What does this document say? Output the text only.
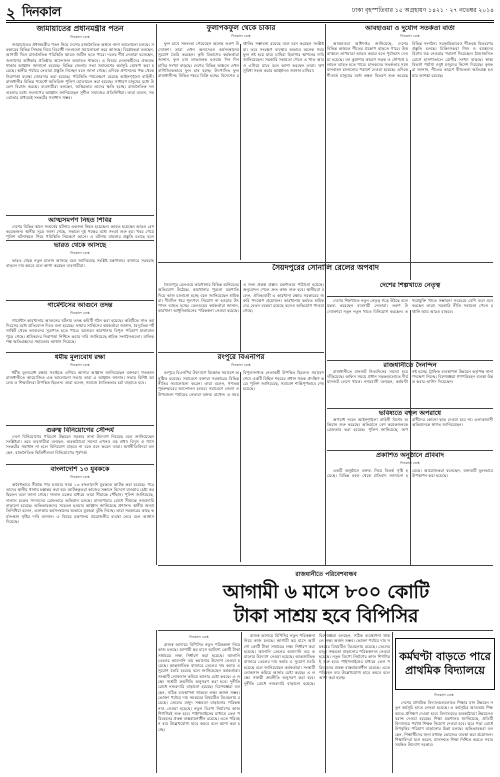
২ দিনকাল	ঢাকা বৃহস্পতিবার ১৫ অগ্রহায়ণ ১৪২১ · ২৭ নভেম্বর ২০১৪
জামায়াতের প্রধানমন্ত্রীর পতন
দিনকাল ডেস্ক

জামায়াতের প্রধানমন্ত্রীর পতন নিয়ে দেশের রাজনৈতিক অঙ্গনে নানা আলোচনা চলছে। সরকারের বিভিন্ন সিদ্ধান্ত নিয়ে বিরোধী দলগুলো সমালোচনা করে আসছে। বিশ্লেষকরা বলছেন, আগামী দিনে রাজনৈতিক পরিস্থিতি আরও জটিল হতে পারে। দলের শীর্ষ নেতারা বলেছেন, জনগণের অধিকার প্রতিষ্ঠার আন্দোলন অব্যাহত থাকবে। এ বিষয়ে নেতাকর্মীদের ঐক্যবদ্ধ থাকার আহ্বান জানানো হয়েছে। বিভিন্ন জেলায় সভা সমাবেশের কর্মসূচি ঘোষণা করা হয়েছে। স্থানীয় পর্যায়ে নেতারা প্রস্তুতি নিচ্ছেন বলে জানা গেছে। এদিকে প্রশাসনের পক্ষ থেকে নিরাপত্তা ব্যবস্থা জোরদার করা হয়েছে। পরিস্থিতি পর্যবেক্ষণে রয়েছে আইনশৃঙ্খলা বাহিনী। রাজধানীর বিভিন্ন পয়েন্টে অতিরিক্ত পুলিশ মোতায়েন করা হয়েছে। সাধারণ মানুষের মধ্যে উদ্বেগ বিরাজ করছে। ব্যবসায়ীরা বলছেন, অস্থিরতায় তাদের ক্ষতি হচ্ছে। রাজনৈতিক দলগুলোর মধ্যে সংলাপের আহ্বান জানিয়েছেন সুশীল সমাজের প্রতিনিধিরা। তারা বলেন, সমঝোতার মাধ্যমেই সংকটের সমাধান সম্ভব।

আত্মসমর্পণ নিহত শিবির

দেশের বিভিন্ন স্থানে সংঘর্ষের ঘটনায় একজন নিহত হয়েছেন। আহত হয়েছেন আরও বেশ কয়েকজন। স্থানীয় সূত্রে জানা গেছে, সকালে দুই পক্ষের মধ্যে সংঘর্ষ শুরু হয়। খবর পেয়ে পুলিশ ঘটনাস্থলে গিয়ে পরিস্থিতি নিয়ন্ত্রণে আনে। এ ঘটনায় মামলার প্রস্তুতি চলছে বলে

ভারত থেকে আসছে
দিনকাল ডেস্ক

ভারত থেকে নতুন চালান আসছে বলে জানিয়েছে সংশ্লিষ্ট মন্ত্রণালয়। বাজারে সরবরাহ বাড়লে দাম কমবে বলে আশা করছেন ব্যবসায়ীরা।

গার্মেন্টসের আগুনে তদন্ত
দিনকাল ডেস্ক

গার্মেন্টস কারখানায় আগুনের ঘটনায় তদন্ত কমিটি গঠন করা হয়েছে। কমিটিকে সাত কর্মদিবসের মধ্যে প্রতিবেদন দিতে বলা হয়েছে। ফায়ার সার্ভিসের কর্মকর্তারা জানান, বৈদ্যুতিক শর্টসার্কিট থেকে আগুনের সূত্রপাত হতে পারে। আগুনে কারখানার বিপুল পরিমাণ মালামাল পুড়ে গেছে। শ্রমিকদের নিরাপত্তা নিশ্চিত করার দাবি জানিয়েছে শ্রমিক সংগঠনগুলো। মালিকপক্ষ ক্ষতিগ্রস্তদের সহায়তার আশ্বাস দিয়েছে।

ধর্মীয় মূল্যবোধ রক্ষা
দিনকাল ডেস্ক

ধর্মীয় মূল্যবোধ রক্ষায় সবাইকে এগিয়ে আসার আহ্বান জানিয়েছেন বক্তারা। গতকাল রাজধানীতে আয়োজিত এক আলোচনা সভায় তারা এ আহ্বান জানান। সভায় বিশিষ্ট আলেম ও শিক্ষাবিদরা উপস্থিত ছিলেন। তারা বলেন, সমাজে নৈতিকতার চর্চা বাড়াতে হবে।

গুরুত্ব বিনিয়োগের সৌন্দর্য

দেশে বিনিয়োগের পরিবেশ উন্নয়নে সরকার নানা উদ্যোগ নিয়েছে বলে জানিয়েছেন সংশ্লিষ্টরা। তবে ব্যবসায়ীরা বলছেন, অবকাঠামো সমস্যা এখনও বড় বাধা। বিদ্যুৎ ও গ্যাস সংকটের সমাধান না হলে বিনিয়োগ বাড়বে না বলে মনে করেন তারা। অর্থনীতিবিদরা বলছেন, রাজনৈতিক স্থিতিশীলতা বিনিয়োগের পূর্বশর্ত।

বাংলাদেশি ১৩ যুবককে
দিনকাল ডেস্ক

অবৈধভাবে সীমান্ত পার হওয়ার সময় ১৩ বাংলাদেশি যুবককে আটক করা হয়েছে। পরে তাদের স্থানীয় থানায় হস্তান্তর করা হয়। আটককৃতরা কাজের সন্ধানে বিদেশে যাওয়ার চেষ্টা করছিলেন বলে জানা গেছে। দালাল চক্রের মাধ্যমে তারা সীমান্তে পৌঁছান। পুলিশ জানিয়েছে, দালাল চক্রের সদস্যদের গ্রেফতারে অভিযান চলছে। মানবপাচার রোধে সীমান্তে নজরদারি বাড়ানো হয়েছে। অভিভাবকদের সচেতন হওয়ার আহ্বান জানিয়েছে প্রশাসন। স্থানীয় জনপ্রতিনিধিরা বলেন, এলাকায় কর্মসংস্থানের অভাবে যুবকরা ঝুঁকি নিচ্ছে। তারা সরকারের কাছে কর্মসংস্থান সৃষ্টির দাবি জানান। এ বিষয়ে মন্ত্রণালয় প্রয়োজনীয় ব্যবস্থা নেবে বলে আশ্বাস দিয়েছে।

ফুলপিকফুল থেকে চাকরি
দিনকাল ডেস্ক

ফুল চাষে সফলতা পেয়েছেন অনেক তরুণ উদ্যোক্তা। তারা এখন অন্যদেরও কর্মসংস্থানের সুযোগ তৈরি করছেন। কৃষি বিভাগের কর্মকর্তারা জানান, ফুল চাষ লাভজনক হওয়ায় দিন দিন চাষির সংখ্যা বাড়ছে। দেশের বিভিন্ন অঞ্চলে এখন বাণিজ্যিকভাবে ফুল চাষ হচ্ছে। উৎপাদিত ফুল রাজধানীসহ বিভিন্ন শহরে বিক্রি হচ্ছে। বিদেশেও রপ্তানির সম্ভাবনা রয়েছে বলে মনে করছেন সংশ্লিষ্টরা। তবে সংরক্ষণ ব্যবস্থার অভাবে অনেক সময় ফুল নষ্ট হয়ে যায়। চাষিরা হিমাগার স্থাপনের দাবি জানিয়েছেন। সরকারি সহায়তা পেলে এ খাত আরও এগিয়ে যাবে বলে আশা করছেন তারা। ঋণ সুবিধা সহজ করার আহ্বানও জানান চাষিরা।

সৈয়দপুরের সোনালি রেলের অপবাদ

সৈয়দপুর রেলওয়ে কারখানার বিভিন্ন অনিয়মের অভিযোগ উঠেছে। কারখানার পুরনো যন্ত্রপাতি দিয়ে কাজ চালানো হচ্ছে বলে জানিয়েছেন শ্রমিকরা। দীর্ঘদিন ধরে শূন্যপদে নিয়োগ না হওয়ায় উৎপাদন ব্যাহত হচ্ছে। রেলওয়ের কর্মকর্তারা জানান, কারখানা আধুনিকায়নের পরিকল্পনা নেওয়া হয়েছে। এ জন্য প্রকল্প প্রস্তাব মন্ত্রণালয়ে পাঠানো হয়েছে। অনুমোদন পেলে দ্রুত কাজ শুরু হবে। স্থানীয়রা বলেন, ঐতিহ্যবাহী এ কারখানা রক্ষায় সরকারের জরুরি পদক্ষেপ প্রয়োজন। কারখানায় কর্মরত শ্রমিকদের বেতন বকেয়া রয়েছে বলেও অভিযোগ পাওয়া গেছে।

রংপুরে বিএনপির
দিনকাল ডেস্ক

রংপুরে বিএনপির উদ্যোগে বিক্ষোভ সমাবেশ অনুষ্ঠিত হয়েছে। সমাবেশে বক্তারা সরকারের বিভিন্ন নীতির সমালোচনা করেন। তারা বলেন, গণতন্ত্র পুনরুদ্ধারের আন্দোলন চলবে। সমাবেশে জেলা ও উপজেলা পর্যায়ের নেতারা বক্তব্য রাখেন। এ সময় বিপুলসংখ্যক নেতাকর্মী উপস্থিত ছিলেন। সমাবেশ শেষে একটি মিছিল শহরের প্রধান সড়ক প্রদক্ষিণ করে। পুলিশ জানিয়েছে, সমাবেশ শান্তিপূর্ণভাবে শেষ হয়েছে।

আবহাওয়া ও দুর্যোগ সতর্কতা বার্তা
দিনকাল ডেস্ক

আবহাওয়া অধিদপ্তর জানিয়েছে, দেশের বিভিন্ন অঞ্চলে শীতের প্রকোপ বাড়তে পারে। উত্তরাঞ্চলে তাপমাত্রা আরও কমবে বলে পূর্বাভাস দেওয়া হয়েছে। ঘন কুয়াশার কারণে সড়ক ও নৌপথে চলাচল ব্যাহত হতে পারে। চালকদের সতর্কতার সঙ্গে যানবাহন চালানোর পরামর্শ দেওয়া হয়েছে। এদিকে শীতার্ত মানুষের মধ্যে কম্বল বিতরণ শুরু করেছে বিভিন্ন সংগঠন। সরকারিভাবেও শীতবস্ত্র বিতরণের প্রস্তুতি চলছে। চিকিৎসকরা শিশু ও বয়স্কদের বিশেষ যত্ন নেওয়ার পরামর্শ দিয়েছেন। ঠান্ডাজনিত রোগে হাসপাতালে রোগীর সংখ্যা বাড়ছে। স্বাস্থ্য বিভাগ পর্যাপ্ত ওষুধ মজুদের নির্দেশ দিয়েছে। কৃষকরা জানান, শীতের কারণে বীজতলা ক্ষতিগ্রস্ত হওয়ার আশঙ্কা রয়েছে।

দেশের শিল্পখাতে নেতৃত্ব

দেশের শিল্পখাতে নতুন নেতৃত্ব গড়ে উঠছে বলে মন্তব্য করেছেন ব্যবসায়ী নেতারা। তরুণ উদ্যোক্তারা নতুন নতুন খাতে বিনিয়োগ করছেন। তথ্যপ্রযুক্তি খাতে সম্ভাবনা সবচেয়ে বেশি বলে মনে করছেন তারা। সরকারি নীতি সহায়তা পেলে রপ্তানি আয় আরও বাড়বে।

রাজধানীতে দৈনন্দিন

রাজধানীতে যানজট নিত্যদিনের সমস্যা হয়ে দাঁড়িয়েছে। অফিস সময়ে প্রধান সড়কগুলোতে দীর্ঘ যানজট লেগে থাকে। নগরবাসী বলছেন, কর্মঘণ্টা নষ্ট হচ্ছে। ট্রাফিক ব্যবস্থাপনা উন্নয়নে কর্তৃপক্ষ নানা পদক্ষেপ নিচ্ছে। বিশেষজ্ঞরা গণপরিবহন ব্যবস্থা উন্নত করার তাগিদ দিয়েছেন।

ভবিষ্যতে বহুল অপরাধে

অপরাধ দমনে আইনশৃঙ্খলা বাহিনী বিশেষ অভিযান শুরু করেছে। অভিযানে বেশ কয়েকজনকে গ্রেফতার করা হয়েছে। পুলিশ জানিয়েছে, অপরাধীদের কোনো ছাড় দেওয়া হবে না। এলাকাবাসী অভিযানকে স্বাগত জানিয়েছেন।

প্রকাশিত অনুষ্ঠানে প্রবিবাদ
দিনকাল ডেস্ক

একটি অনুষ্ঠানে বক্তব্য নিয়ে বিতর্ক সৃষ্টি হয়েছে। বিভিন্ন মহল থেকে প্রতিবাদ জানানো হয়েছে। আয়োজকরা বলেছেন, বক্তব্যটি ভুলভাবে উপস্থাপন করা হয়েছে।

রাজধানীতে পরিবেশবান্ধব
আগামী ৬ মাসে ৮০০ কোটি
টাকা সাশ্রয় হবে বিপিসির
দিনকাল ডেস্ক

রাজস্ব আদায়ে বিপিসির নতুন পরিকল্পনা নিয়ে কাজ চলছে। আগামী ছয় মাসে আটশো কোটি টাকা সাশ্রয়ের লক্ষ্য নির্ধারণ করা হয়েছে। জ্বালানি তেলের আমদানি ব্যয় কমানোর উদ্যোগ নেওয়া হয়েছে। আন্তর্জাতিক বাজারে তেলের দাম কমায় এ সুযোগ তৈরি হয়েছে বলে জানিয়েছেন কর্মকর্তারা। সংস্থাটি লোকসান কমিয়ে আনার চেষ্টা করছে। এ লক্ষ্যে সাশ্রয়ী ক্রয়নীতি অনুসরণ করা হবে। দুর্নীতি রোধে নজরদারি বাড়ানো হয়েছে। বিশেষজ্ঞরা বলছেন, সঠিক ব্যবস্থাপনা থাকলে লক্ষ্য অর্জন সম্ভব। ভোক্তা পর্যায়ে দাম সমন্বয়ের বিষয়টিও বিবেচনায় রয়েছে। তেলের মজুদ সক্ষমতা বাড়ানোর পরিকল্পনাও নেওয়া হয়েছে। নতুন ডিপো নির্মাণের কাজ শিগগিরই শুরু হবে। পাইপলাইনের মাধ্যমে তেল পরিবহনের প্রকল্প বাস্তবায়নাধীন রয়েছে। এতে পরিবহন ব্যয় উল্লেখযোগ্য হারে কমবে বলে আশা করা হচ্ছে।

রাজস্ব আদায়ে বিপিসির নতুন পরিকল্পনা নিয়ে কাজ চলছে। আগামী ছয় মাসে আটশো কোটি টাকা সাশ্রয়ের লক্ষ্য নির্ধারণ করা হয়েছে। জ্বালানি তেলের আমদানি ব্যয় কমানোর উদ্যোগ নেওয়া হয়েছে। আন্তর্জাতিক বাজারে তেলের দাম কমায় এ সুযোগ তৈরি হয়েছে বলে জানিয়েছেন কর্মকর্তারা। সংস্থাটি লোকসান কমিয়ে আনার চেষ্টা করছে। এ লক্ষ্যে সাশ্রয়ী ক্রয়নীতি অনুসরণ করা হবে। দুর্নীতি রোধে নজরদারি বাড়ানো হয়েছে। বিশেষজ্ঞরা বলছেন, সঠিক ব্যবস্থাপনা থাকলে লক্ষ্য অর্জন সম্ভব। ভোক্তা পর্যায়ে দাম সমন্বয়ের বিষয়টিও বিবেচনায় রয়েছে। তেলের মজুদ সক্ষমতা বাড়ানোর পরিকল্পনাও নেওয়া হয়েছে। নতুন ডিপো নির্মাণের কাজ শিগগিরই শুরু হবে। পাইপলাইনের মাধ্যমে তেল পরিবহনের প্রকল্প বাস্তবায়নাধীন রয়েছে। এতে পরিবহন ব্যয় উল্লেখযোগ্য হারে কমবে বলে আশা করা হচ্ছে।

কর্মঘণ্টা বাড়তে পারে
প্রাথমিক বিদ্যালয়ে
দিনকাল ডেস্ক

দেশের প্রাথমিক বিদ্যালয়গুলোতে শিক্ষার মান উন্নয়নে নতুন কর্মসূচি হাতে নেওয়া হয়েছে। এ কর্মসূচির আওতায় শিক্ষকদের প্রশিক্ষণ দেওয়া হবে। বিদ্যালয়ের অবকাঠামো উন্নয়নেও বরাদ্দ দেওয়া হয়েছে। শিক্ষা মন্ত্রণালয় জানিয়েছে, প্রতিটি বিদ্যালয়ে পর্যাপ্ত শিক্ষক নিয়োগ দেওয়া হবে। ঝরে পড়া রোধে উপবৃত্তির পরিমাণ বাড়ানোর চিন্তা চলছে। অভিভাবকরা বলছেন, শিক্ষার্থীদের জন্য মধ্যাহ্ন ভোজের ব্যবস্থা করা প্রয়োজন। শিক্ষাবিদরা মনে করেন, মানসম্মত শিক্ষা নিশ্চিত করতে সবার সমন্বিত উদ্যোগ দরকার।
